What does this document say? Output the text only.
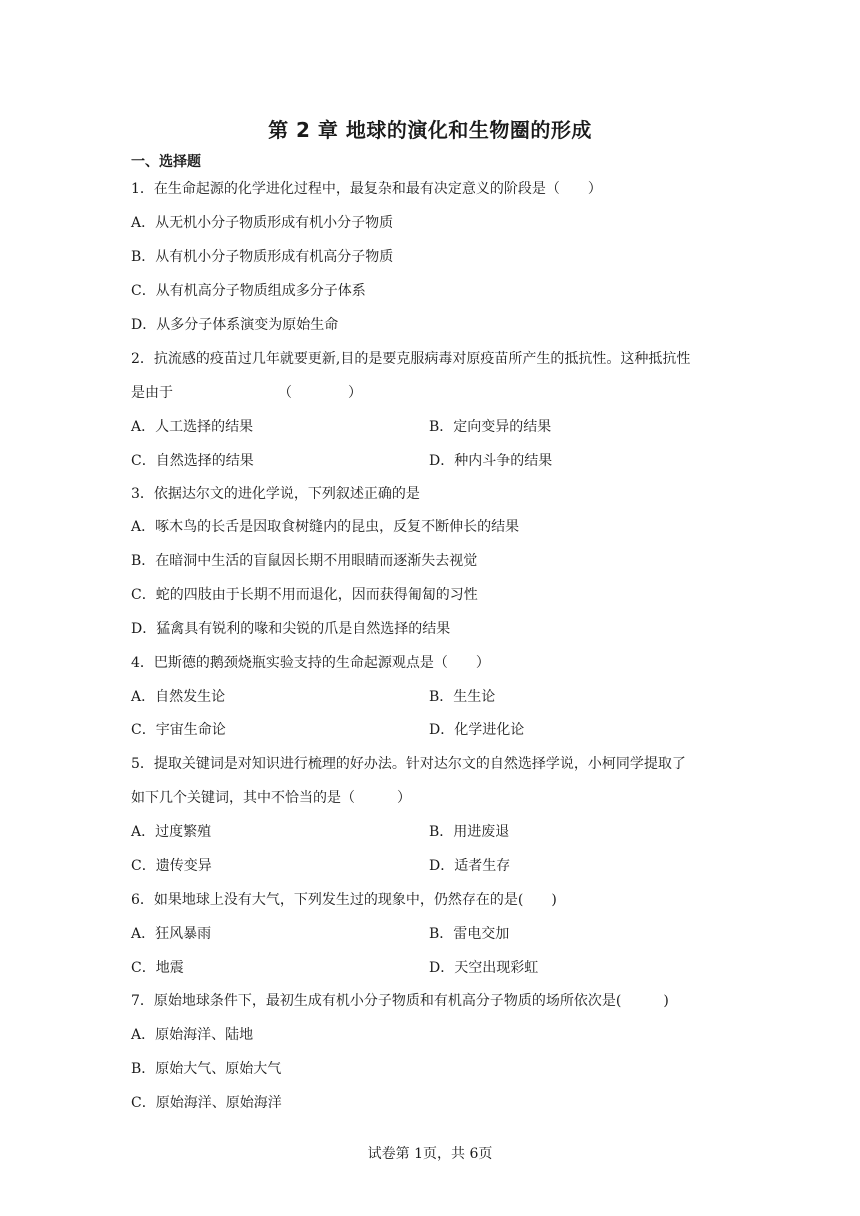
第 2 章 地球的演化和生物圈的形成
一、选择题
1．在生命起源的化学进化过程中，最复杂和最有决定意义的阶段是（　　）
A．从无机小分子物质形成有机小分子物质
B．从有机小分子物质形成有机高分子物质
C．从有机高分子物质组成多分子体系
D．从多分子体系演变为原始生命
2．抗流感的疫苗过几年就要更新,目的是要克服病毒对原疫苗所产生的抵抗性。这种抵抗性
是由于　　　　　　　　（　　　　）
A．人工选择的结果	B．定向变异的结果
C．自然选择的结果	D．种内斗争的结果
3．依据达尔文的进化学说，下列叙述正确的是
A．啄木鸟的长舌是因取食树缝内的昆虫，反复不断伸长的结果
B．在暗洞中生活的盲鼠因长期不用眼睛而逐渐失去视觉
C．蛇的四肢由于长期不用而退化，因而获得匍匐的习性
D．猛禽具有锐利的喙和尖锐的爪是自然选择的结果
4．巴斯德的鹅颈烧瓶实验支持的生命起源观点是（　　）
A．自然发生论	B．生生论
C．宇宙生命论	D．化学进化论
5．提取关键词是对知识进行梳理的好办法。针对达尔文的自然选择学说，小柯同学提取了
如下几个关键词，其中不恰当的是（　　　）
A．过度繁殖	B．用进废退
C．遗传变异	D．适者生存
6．如果地球上没有大气，下列发生过的现象中，仍然存在的是(　　)
A．狂风暴雨	B．雷电交加
C．地震	D．天空出现彩虹
7．原始地球条件下，最初生成有机小分子物质和有机高分子物质的场所依次是(　　　)
A．原始海洋、陆地
B．原始大气、原始大气
C．原始海洋、原始海洋
试卷第 1页，共 6页
